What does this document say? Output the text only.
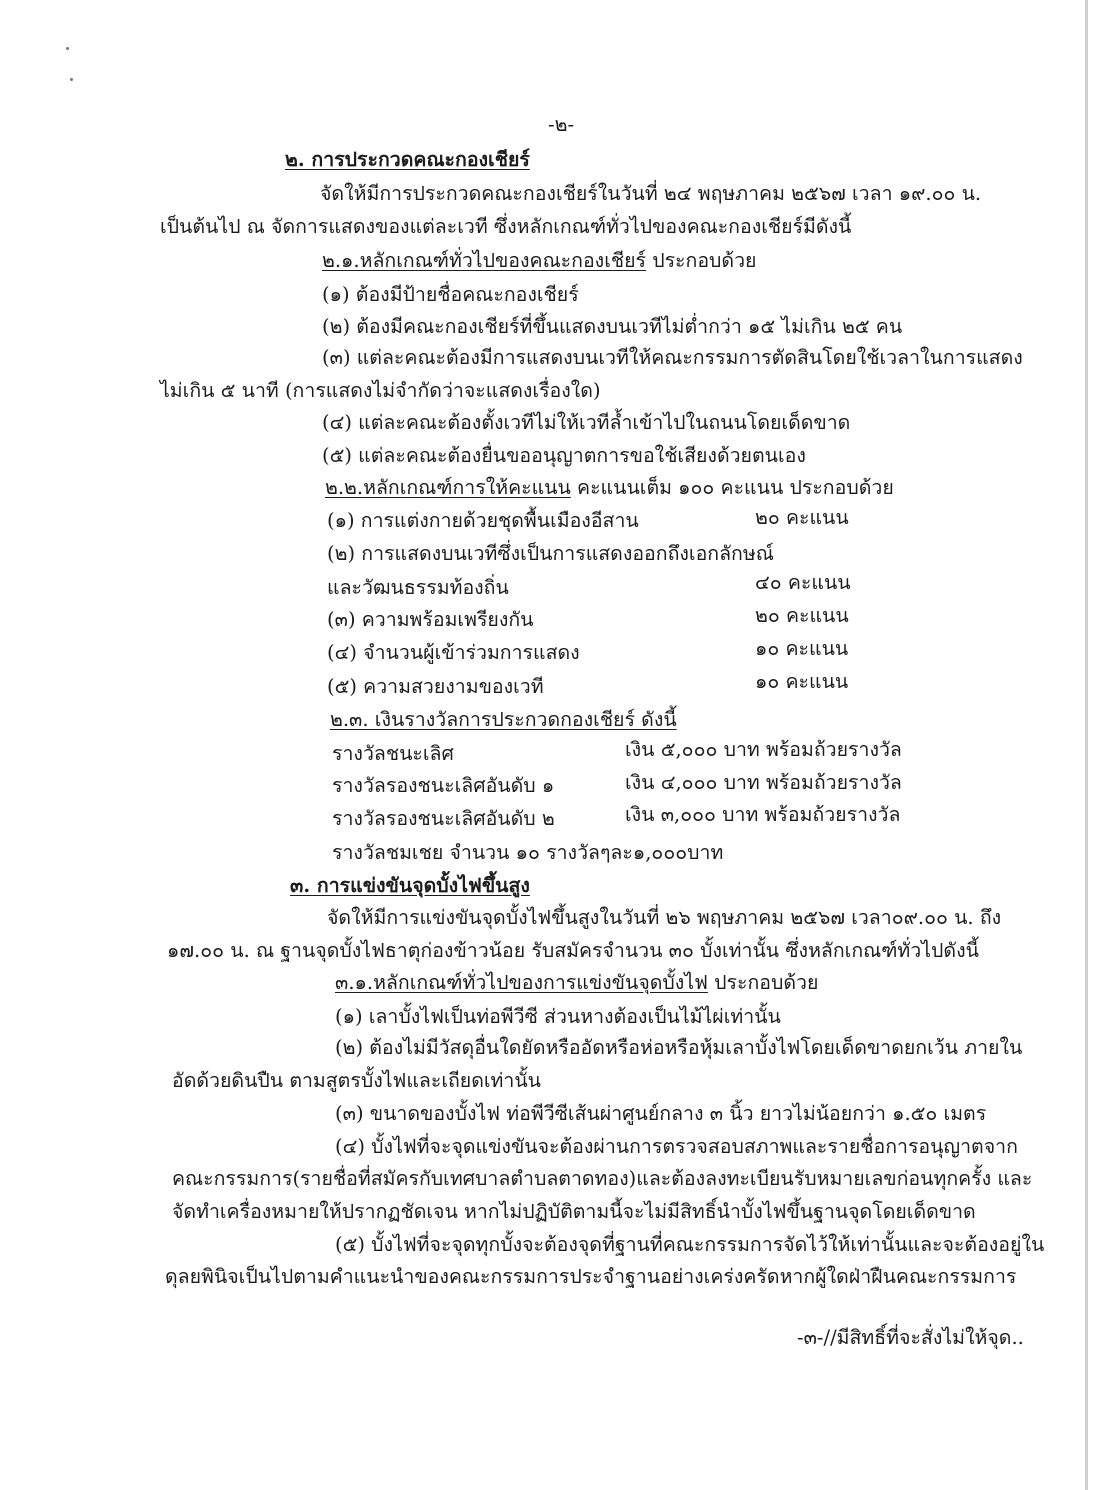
-๒-
๒. การประกวดคณะกองเชียร์
จัดให้มีการประกวดคณะกองเชียร์ในวันที่ ๒๔ พฤษภาคม ๒๕๖๗ เวลา ๑๙.๐๐ น.
เป็นต้นไป ณ จัดการแสดงของแต่ละเวที ซึ่งหลักเกณฑ์ทั่วไปของคณะกองเชียร์มีดังนี้
๒.๑.หลักเกณฑ์ทั่วไปของคณะกองเชียร์ ประกอบด้วย
(๑) ต้องมีป้ายชื่อคณะกองเชียร์
(๒) ต้องมีคณะกองเชียร์ที่ขึ้นแสดงบนเวทีไม่ต่ำกว่า ๑๕ ไม่เกิน ๒๕ คน
(๓) แต่ละคณะต้องมีการแสดงบนเวทีให้คณะกรรมการตัดสินโดยใช้เวลาในการแสดง
ไม่เกิน ๕ นาที (การแสดงไม่จำกัดว่าจะแสดงเรื่องใด)
(๔) แต่ละคณะต้องตั้งเวทีไม่ให้เวทีล้ำเข้าไปในถนนโดยเด็ดขาด
(๕) แต่ละคณะต้องยื่นขออนุญาตการขอใช้เสียงด้วยตนเอง
๒.๒.หลักเกณฑ์การให้คะแนน คะแนนเต็ม ๑๐๐ คะแนน ประกอบด้วย
(๑) การแต่งกายด้วยชุดพื้นเมืองอีสาน	๒๐ คะแนน
(๒) การแสดงบนเวทีซึ่งเป็นการแสดงออกถึงเอกลักษณ์
และวัฒนธรรมท้องถิ่น	๔๐ คะแนน
(๓) ความพร้อมเพรียงกัน	๒๐ คะแนน
(๔) จำนวนผู้เข้าร่วมการแสดง	๑๐ คะแนน
(๕) ความสวยงามของเวที	๑๐ คะแนน
๒.๓. เงินรางวัลการประกวดกองเชียร์ ดังนี้
รางวัลชนะเลิศ	เงิน ๕,๐๐๐ บาท พร้อมถ้วยรางวัล
รางวัลรองชนะเลิศอันดับ ๑	เงิน ๔,๐๐๐ บาท พร้อมถ้วยรางวัล
รางวัลรองชนะเลิศอันดับ ๒	เงิน ๓,๐๐๐ บาท พร้อมถ้วยรางวัล
รางวัลชมเชย จำนวน ๑๐ รางวัลๆละ๑,๐๐๐บาท
๓. การแข่งขันจุดบั้งไฟขึ้นสูง
จัดให้มีการแข่งขันจุดบั้งไฟขึ้นสูงในวันที่ ๒๖ พฤษภาคม ๒๕๖๗ เวลา๐๙.๐๐ น. ถึง
๑๗.๐๐ น. ณ ฐานจุดบั้งไฟธาตุก่องข้าวน้อย รับสมัครจำนวน ๓๐ บั้งเท่านั้น ซึ่งหลักเกณฑ์ทั่วไปดังนี้
๓.๑.หลักเกณฑ์ทั่วไปของการแข่งขันจุดบั้งไฟ ประกอบด้วย
(๑) เลาบั้งไฟเป็นท่อพีวีซี ส่วนหางต้องเป็นไม้ไผ่เท่านั้น
(๒) ต้องไม่มีวัสดุอื่นใดยัดหรืออัดหรือห่อหรือหุ้มเลาบั้งไฟโดยเด็ดขาดยกเว้น ภายใน
อัดด้วยดินปืน ตามสูตรบั้งไฟและเถียดเท่านั้น
(๓) ขนาดของบั้งไฟ ท่อพีวีซีเส้นผ่าศูนย์กลาง ๓ นิ้ว ยาวไม่น้อยกว่า ๑.๕๐ เมตร
(๔) บั้งไฟที่จะจุดแข่งขันจะต้องผ่านการตรวจสอบสภาพและรายชื่อการอนุญาตจาก
คณะกรรมการ(รายชื่อที่สมัครกับเทศบาลตำบลตาดทอง)และต้องลงทะเบียนรับหมายเลขก่อนทุกครั้ง และ
จัดทำเครื่องหมายให้ปรากฏชัดเจน หากไม่ปฏิบัติตามนี้จะไม่มีสิทธิ์นำบั้งไฟขึ้นฐานจุดโดยเด็ดขาด
(๕) บั้งไฟที่จะจุดทุกบั้งจะต้องจุดที่ฐานที่คณะกรรมการจัดไว้ให้เท่านั้นและจะต้องอยู่ใน
ดุลยพินิจเป็นไปตามคำแนะนำของคณะกรรมการประจำฐานอย่างเคร่งครัดหากผู้ใดฝ่าฝืนคณะกรรมการ
-๓-//มีสิทธิ์ที่จะสั่งไม่ให้จุด..
